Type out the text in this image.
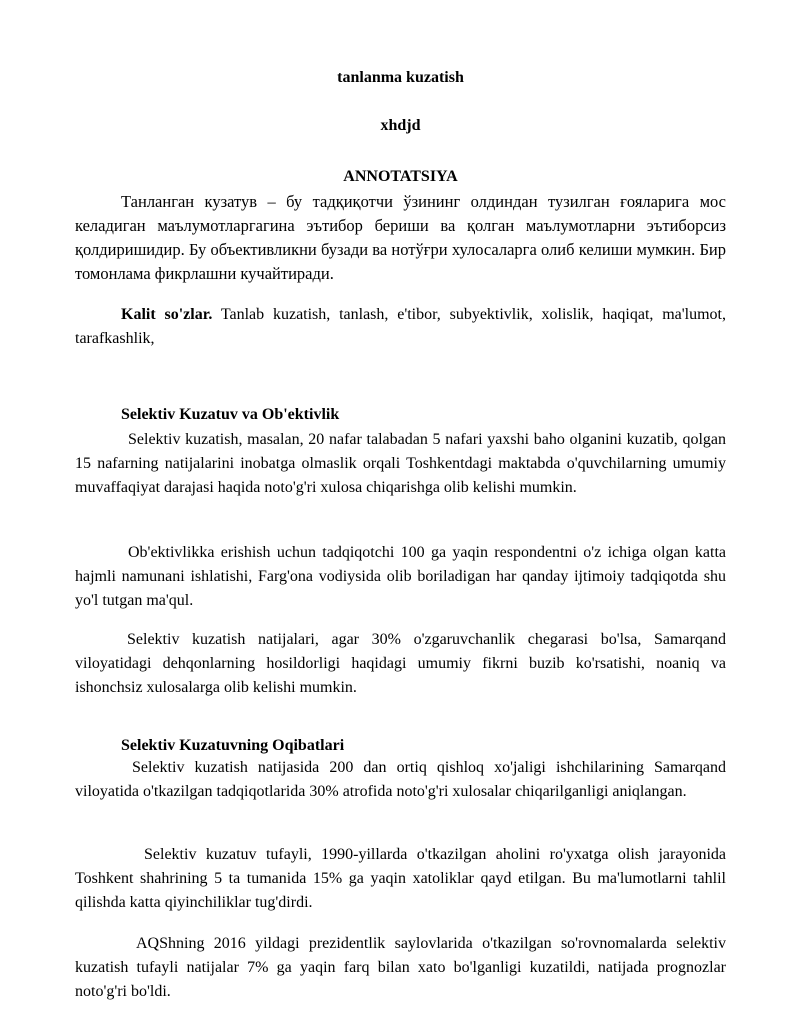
tanlanma kuzatish
xhdjd
ANNOTATSIYA

Танланган кузатув – бу тадқиқотчи ўзининг олдиндан тузилган ғояларига мос келадиган маълумотларгагина эътибор бериши ва қолган маълумотларни эътиборсиз қолдиришидир. Бу объективликни бузади ва нотўғри хулосаларга олиб келиши мумкин. Бир томонлама фикрлашни кучайтиради.

Kalit so'zlar. Tanlab kuzatish, tanlash, e'tibor, subyektivlik, xolislik, haqiqat, ma'lumot, tarafkashlik,

Selektiv Kuzatuv va Ob'ektivlik

Selektiv kuzatish, masalan, 20 nafar talabadan 5 nafari yaxshi baho olganini kuzatib, qolgan 15 nafarning natijalarini inobatga olmaslik orqali Toshkentdagi maktabda o'quvchilarning umumiy muvaffaqiyat darajasi haqida noto'g'ri xulosa chiqarishga olib kelishi mumkin.

Ob'ektivlikka erishish uchun tadqiqotchi 100 ga yaqin respondentni o'z ichiga olgan katta hajmli namunani ishlatishi, Farg'ona vodiysida olib boriladigan har qanday ijtimoiy tadqiqotda shu yo'l tutgan ma'qul.

Selektiv kuzatish natijalari, agar 30% o'zgaruvchanlik chegarasi bo'lsa, Samarqand viloyatidagi dehqonlarning hosildorligi haqidagi umumiy fikrni buzib ko'rsatishi, noaniq va ishonchsiz xulosalarga olib kelishi mumkin.

Selektiv Kuzatuvning Oqibatlari

Selektiv kuzatish natijasida 200 dan ortiq qishloq xo'jaligi ishchilarining Samarqand viloyatida o'tkazilgan tadqiqotlarida 30% atrofida noto'g'ri xulosalar chiqarilganligi aniqlangan.

Selektiv kuzatuv tufayli, 1990-yillarda o'tkazilgan aholini ro'yxatga olish jarayonida Toshkent shahrining 5 ta tumanida 15% ga yaqin xatoliklar qayd etilgan. Bu ma'lumotlarni tahlil qilishda katta qiyinchiliklar tug'dirdi.

AQShning 2016 yildagi prezidentlik saylovlarida o'tkazilgan so'rovnomalarda selektiv kuzatish tufayli natijalar 7% ga yaqin farq bilan xato bo'lganligi kuzatildi, natijada prognozlar noto'g'ri bo'ldi.
